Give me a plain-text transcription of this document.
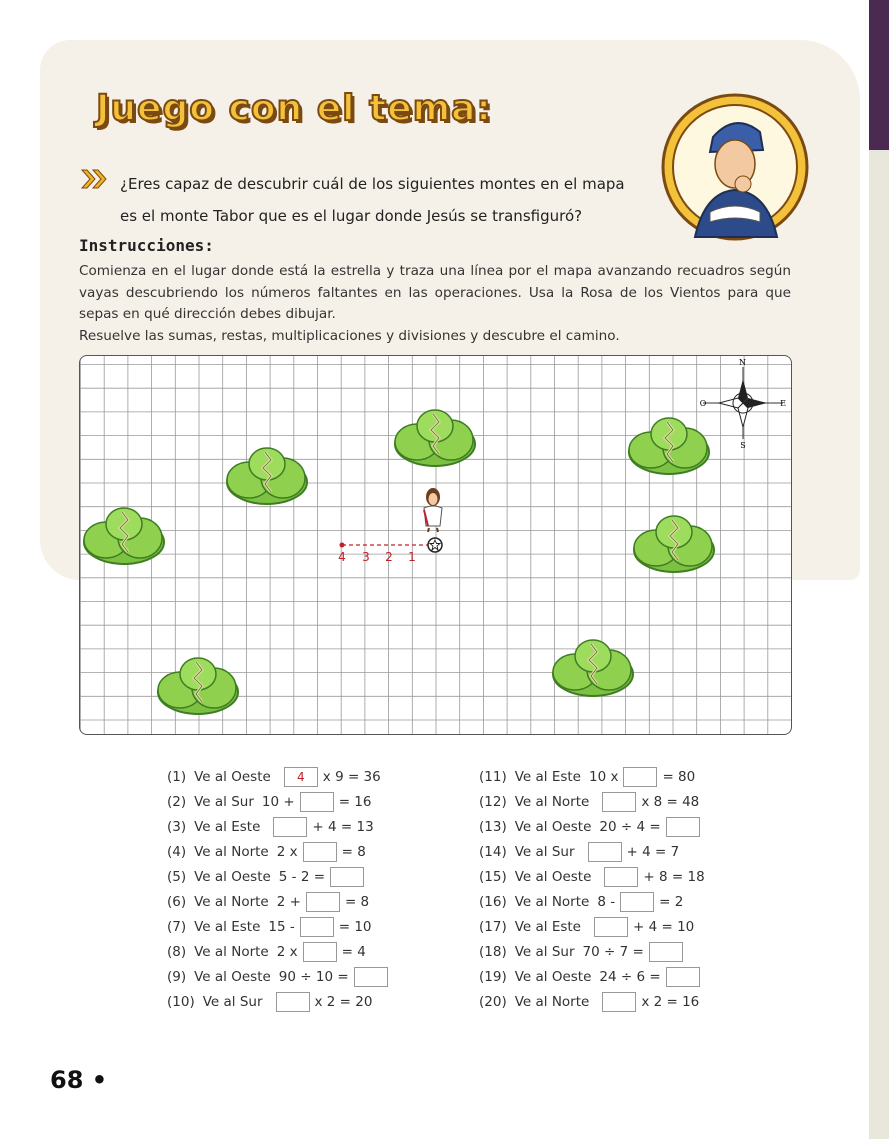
Juego con el tema:
¿Eres capaz de descubrir cuál de los siguientes montes en el mapa es el monte Tabor que es el lugar donde Jesús se transfiguró?
Instrucciones:

Comienza en el lugar donde está la estrella y traza una línea por el mapa avanzando recuadros según vayas descubriendo los números faltantes en las operaciones. Usa la Rosa de los Vientos para que sepas en qué dirección debes dibujar.

Resuelve las sumas, restas, multiplicaciones y divisiones y descubre el camino.

N
S
E
O
4 3 2 1
(1) Ve al Oeste	4	x 9 = 36
(2) Ve al Sur 10 +	= 16
(3) Ve al Este	+ 4 = 13
(4) Ve al Norte 2 x	= 8
(5) Ve al Oeste 5 - 2 =
(6) Ve al Norte 2 +	= 8
(7) Ve al Este 15 -	= 10
(8) Ve al Norte 2 x	= 4
(9) Ve al Oeste 90 ÷ 10 =
(10) Ve al Sur	x 2 = 20
(11) Ve al Este 10 x	= 80
(12) Ve al Norte	x 8 = 48
(13) Ve al Oeste 20 ÷ 4 =
(14) Ve al Sur	+ 4 = 7
(15) Ve al Oeste	+ 8 = 18
(16) Ve al Norte 8 -	= 2
(17) Ve al Este	+ 4 = 10
(18) Ve al Sur 70 ÷ 7 =
(19) Ve al Oeste 24 ÷ 6 =
(20) Ve al Norte	x 2 = 16
68 •
